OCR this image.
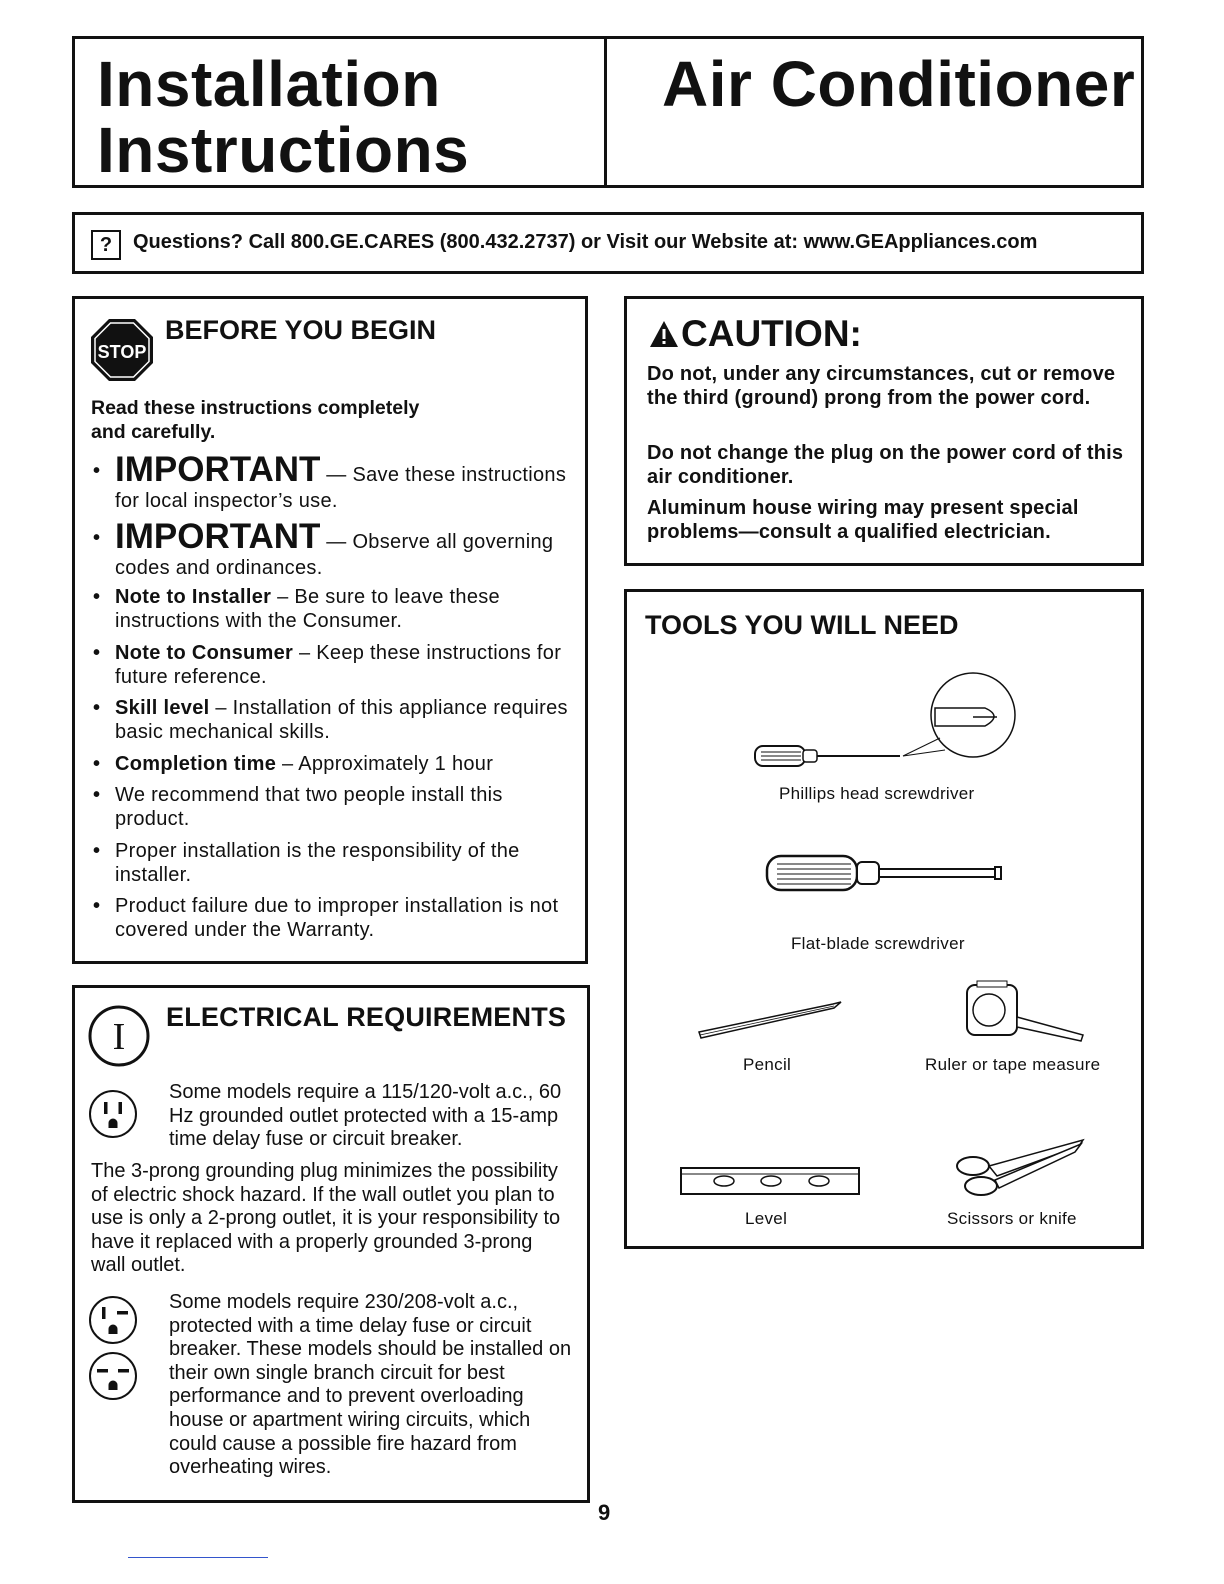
Installation
Instructions
Air Conditioner
?	Questions? Call 800.GE.CARES (800.432.2737) or Visit our Website at: www.GEAppliances.com
STOP
BEFORE YOU BEGIN
Read these instructions completely
and carefully.
• IMPORTANT — Save these instructions for local inspector’s use.
• IMPORTANT — Observe all governing codes and ordinances.
• Note to Installer – Be sure to leave these instructions with the Consumer.
• Note to Consumer – Keep these instructions for future reference.
• Skill level – Installation of this appliance requires basic mechanical skills.
• Completion time – Approximately 1 hour
• We recommend that two people install this product.
• Proper installation is the responsibility of the installer.
• Product failure due to improper installation is not covered under the Warranty.
I ELECTRICAL REQUIREMENTS
Some models require a 115/120-volt a.c., 60 Hz grounded outlet protected with a 15-amp time delay fuse or circuit breaker.
The 3-prong grounding plug minimizes the possibility of electric shock hazard. If the wall outlet you plan to use is only a 2-prong outlet, it is your responsibility to have it replaced with a properly grounded 3-prong wall outlet.
Some models require 230/208-volt a.c., protected with a time delay fuse or circuit breaker. These models should be installed on their own single branch circuit for best performance and to prevent overloading house or apartment wiring circuits, which could cause a possible fire hazard from overheating wires.
CAUTION:
Do not, under any circumstances, cut or remove the third (ground) prong from the power cord.
Do not change the plug on the power cord of this air conditioner.
Aluminum house wiring may present special problems—consult a qualified electrician.
TOOLS YOU WILL NEED
Phillips head screwdriver
Flat-blade screwdriver
Pencil	Ruler or tape measure
Level	Scissors or knife
9
